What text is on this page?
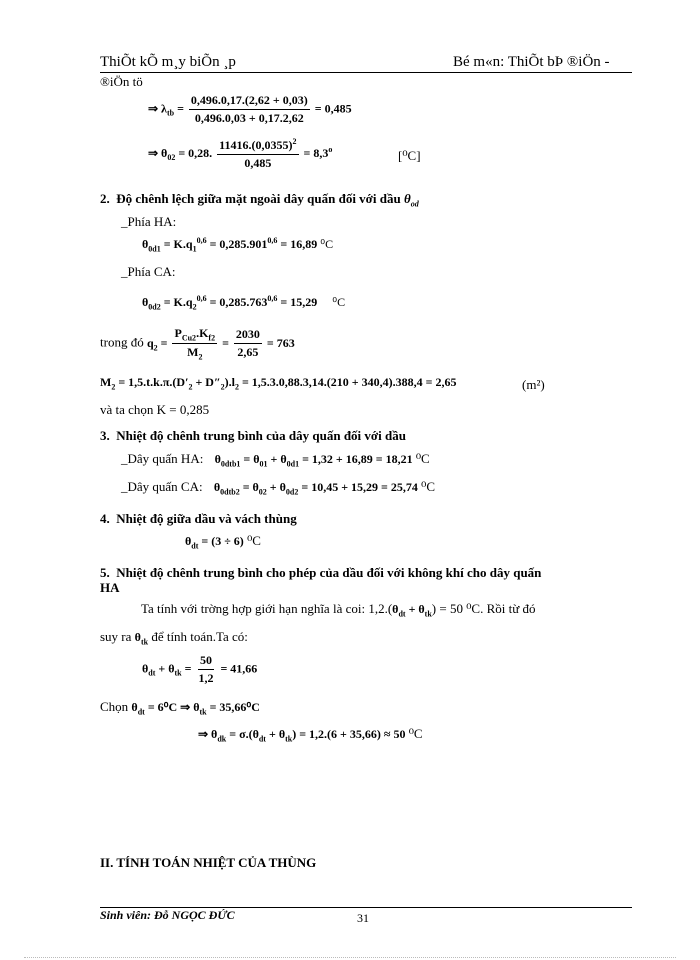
ThiÕt kÕ m¸y biÕn ¸p	Bé m«n: ThiÕt bÞ ®iÖn -
®iÖn tö
⇒ $\lambda_{tb} = \frac{0,496.0,17.(2,62 + 0,03)}{0,496.0,03 + 0,17.2,62} = 0,485$
⇒ $\theta_{02} = 0,28$. $\frac{11416.(0,0355)^2}{0,485} = 8,3^o$	[⁰C]
2. Độ chênh lệch giữa mặt ngoài dây quấn đối với dầu $\theta_{od}$
_Phía HA:
$\theta_{0d1} = K.q_1^{0,6} = 0,285.901^{0,6} = 16,89$ ⁰C
_Phía CA:
$\theta_{0d2} = K.q_2^{0,6} = 0,285.763^{0,6} = 15,29$ ⁰C
trong đó $q_2 = \frac{P_{Cu2}.K_{f2}}{M_2} = \frac{2030}{2,65} = 763$
$M_2 = 1,5.t.k.\pi.(D'_2 + D''_2).l_2 = 1,5.3.0,88.3,14.(210 + 340,4).388,4 = 2,65$	(m²)
và ta chọn K = 0,285
3. Nhiệt độ chênh trung bình của dây quấn đối với dầu
_Dây quấn HA: $\theta_{0dtb1} = \theta_{01} + \theta_{0d1} = 1,32 + 16,89 = 18,21$ ⁰C
_Dây quấn CA: $\theta_{0dtb2} = \theta_{02} + \theta_{0d2} = 10,45 + 15,29 = 25,74$ ⁰C
4. Nhiệt độ giữa dầu và vách thùng
$\theta_{dt} = (3 \div 6)$ ⁰C
5. Nhiệt độ chênh trung bình cho phép của dầu đối với không khí cho dây quấn
HA
Ta tính với trờng hợp giới hạn nghĩa là coi: $1,2.(\theta_{dt} + \theta_{tk}) = 50$ ⁰C. Rồi từ đó
suy ra $\theta_{tk}$ để tính toán.Ta có:
$\theta_{dt} + \theta_{tk} = \frac{50}{1,2} = 41,66$
Chọn $\theta_{dt} = 6^0C$ ⇒ $\theta_{tk} = 35,66^0C$
⇒ $\theta_{dk} = \sigma.(\theta_{dt} + \theta_{tk}) = 1,2.(6 + 35,66) \approx 50$ ⁰C
II. TÍNH TOÁN NHIỆT CỦA THÙNG
Sinh viên: Đỗ NGỌC ĐỨC	31
